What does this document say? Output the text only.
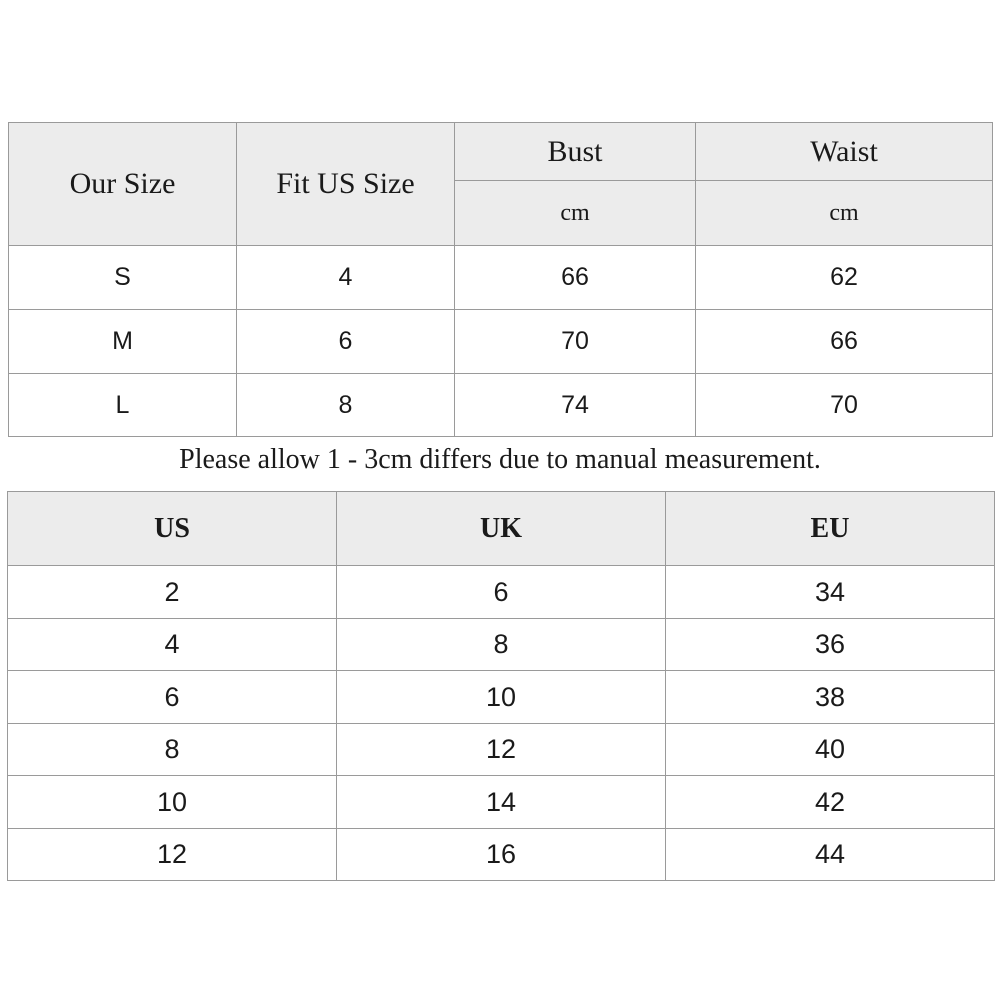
Our Size	Fit US Size	Bust	Waist
		cm	cm
S	4	66	62
M	6	70	66
L	8	74	70

Please allow 1 - 3cm differs due to manual measurement.

US	UK	EU
2	6	34
4	8	36
6	10	38
8	12	40
10	14	42
12	16	44
